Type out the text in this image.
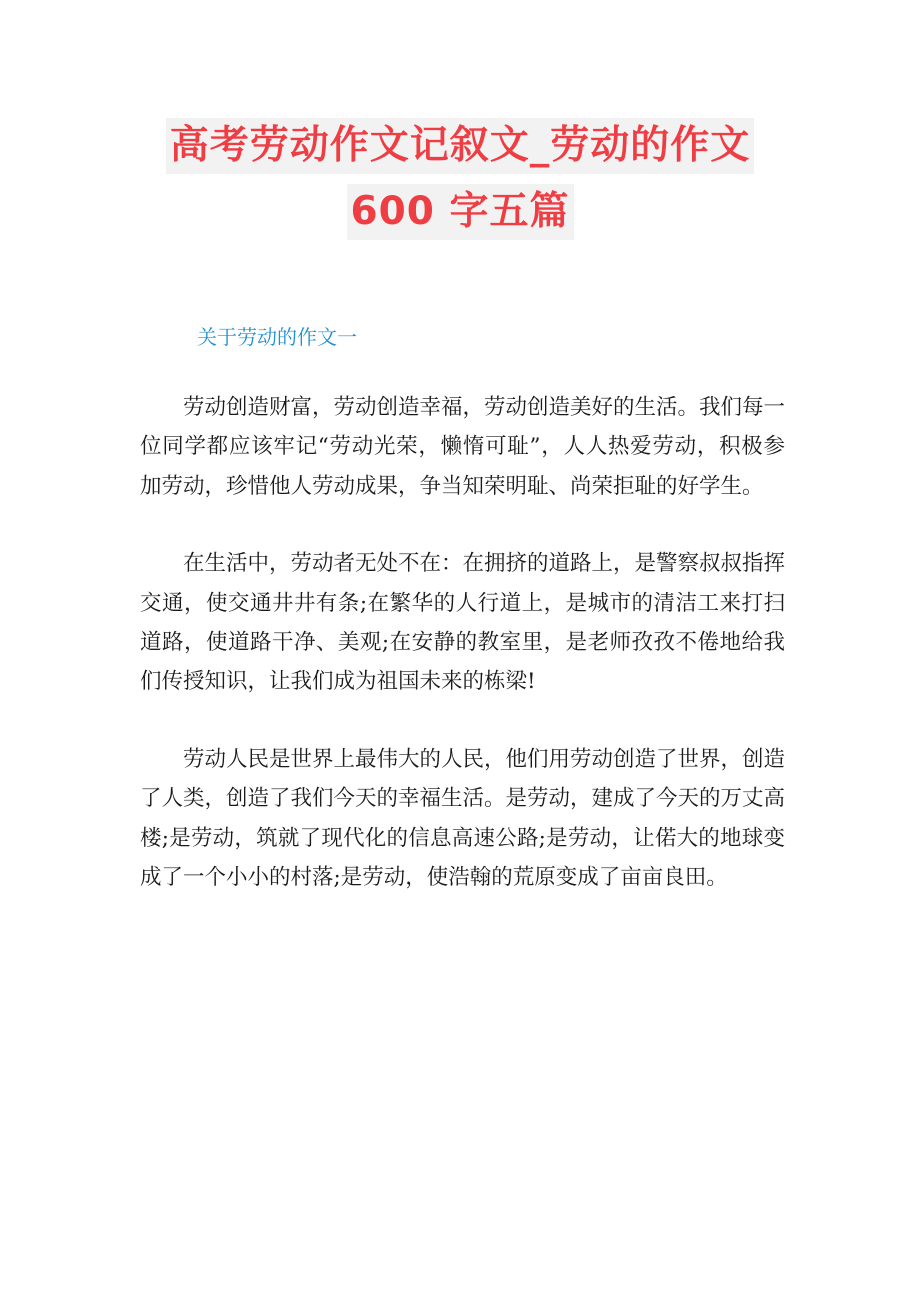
高考劳动作文记叙文_劳动的作文
600 字五篇
关于劳动的作文一

劳动创造财富，劳动创造幸福，劳动创造美好的生活。我们每一位同学都应该牢记“劳动光荣，懒惰可耻”，人人热爱劳动，积极参加劳动，珍惜他人劳动成果，争当知荣明耻、尚荣拒耻的好学生。

在生活中，劳动者无处不在：在拥挤的道路上，是警察叔叔指挥交通，使交通井井有条;在繁华的人行道上，是城市的清洁工来打扫道路，使道路干净、美观;在安静的教室里，是老师孜孜不倦地给我们传授知识，让我们成为祖国未来的栋梁!

劳动人民是世界上最伟大的人民，他们用劳动创造了世界，创造了人类，创造了我们今天的幸福生活。是劳动，建成了今天的万丈高楼;是劳动，筑就了现代化的信息高速公路;是劳动，让偌大的地球变成了一个小小的村落;是劳动，使浩翰的荒原变成了亩亩良田。
